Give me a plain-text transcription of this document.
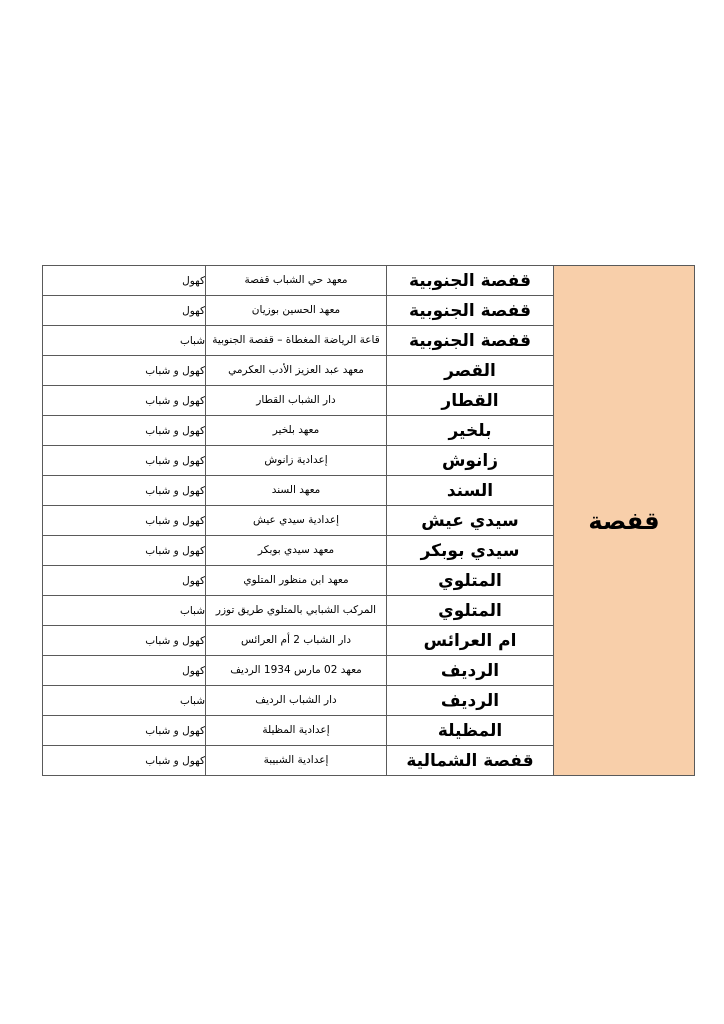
قفصة	قفصة الجنوبية	معهد حي الشباب قفصة	كهول
	قفصة الجنوبية	معهد الحسين بوزيان	كهول
	قفصة الجنوبية	قاعة الرياضة المغطاة – قفصة الجنوبية	شباب
	القصر	معهد عبد العزيز الأدب العكرمي	كهول و شباب
	القطار	دار الشباب القطار	كهول و شباب
	بلخير	معهد بلخير	كهول و شباب
	زانوش	إعدادية زانوش	كهول و شباب
	السند	معهد السند	كهول و شباب
	سيدي عيش	إعدادية سيدي عيش	كهول و شباب
	سيدي بوبكر	معهد سيدي بوبكر	كهول و شباب
	المتلوي	معهد ابن منظور المتلوي	كهول
	المتلوي	المركب الشبابي بالمتلوي طريق توزر	شباب
	ام العرائس	دار الشباب 2 أم العرائس	كهول و شباب
	الرديف	معهد 02 مارس 1934 الرديف	كهول
	الرديف	دار الشباب الرديف	شباب
	المظيلة	إعدادية المظيلة	كهول و شباب
	قفصة الشمالية	إعدادية الشبيبة	كهول و شباب
